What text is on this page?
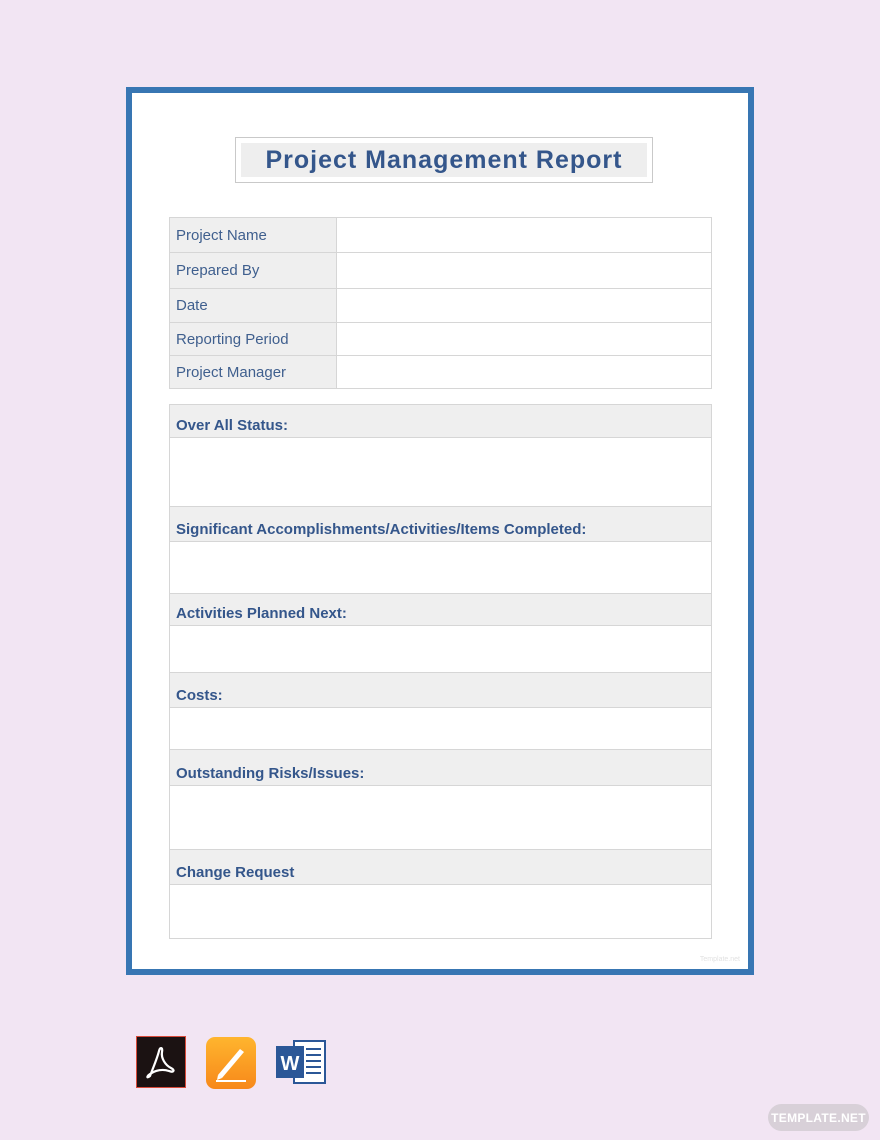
Project Management Report
Project Name	
Prepared By	
Date	
Reporting Period	
Project Manager	
Over All Status:
Significant Accomplishments/Activities/Items Completed:
Activities Planned Next:
Costs:
Outstanding Risks/Issues:
Change Request
Template.net
W
TEMPLATE.NET
